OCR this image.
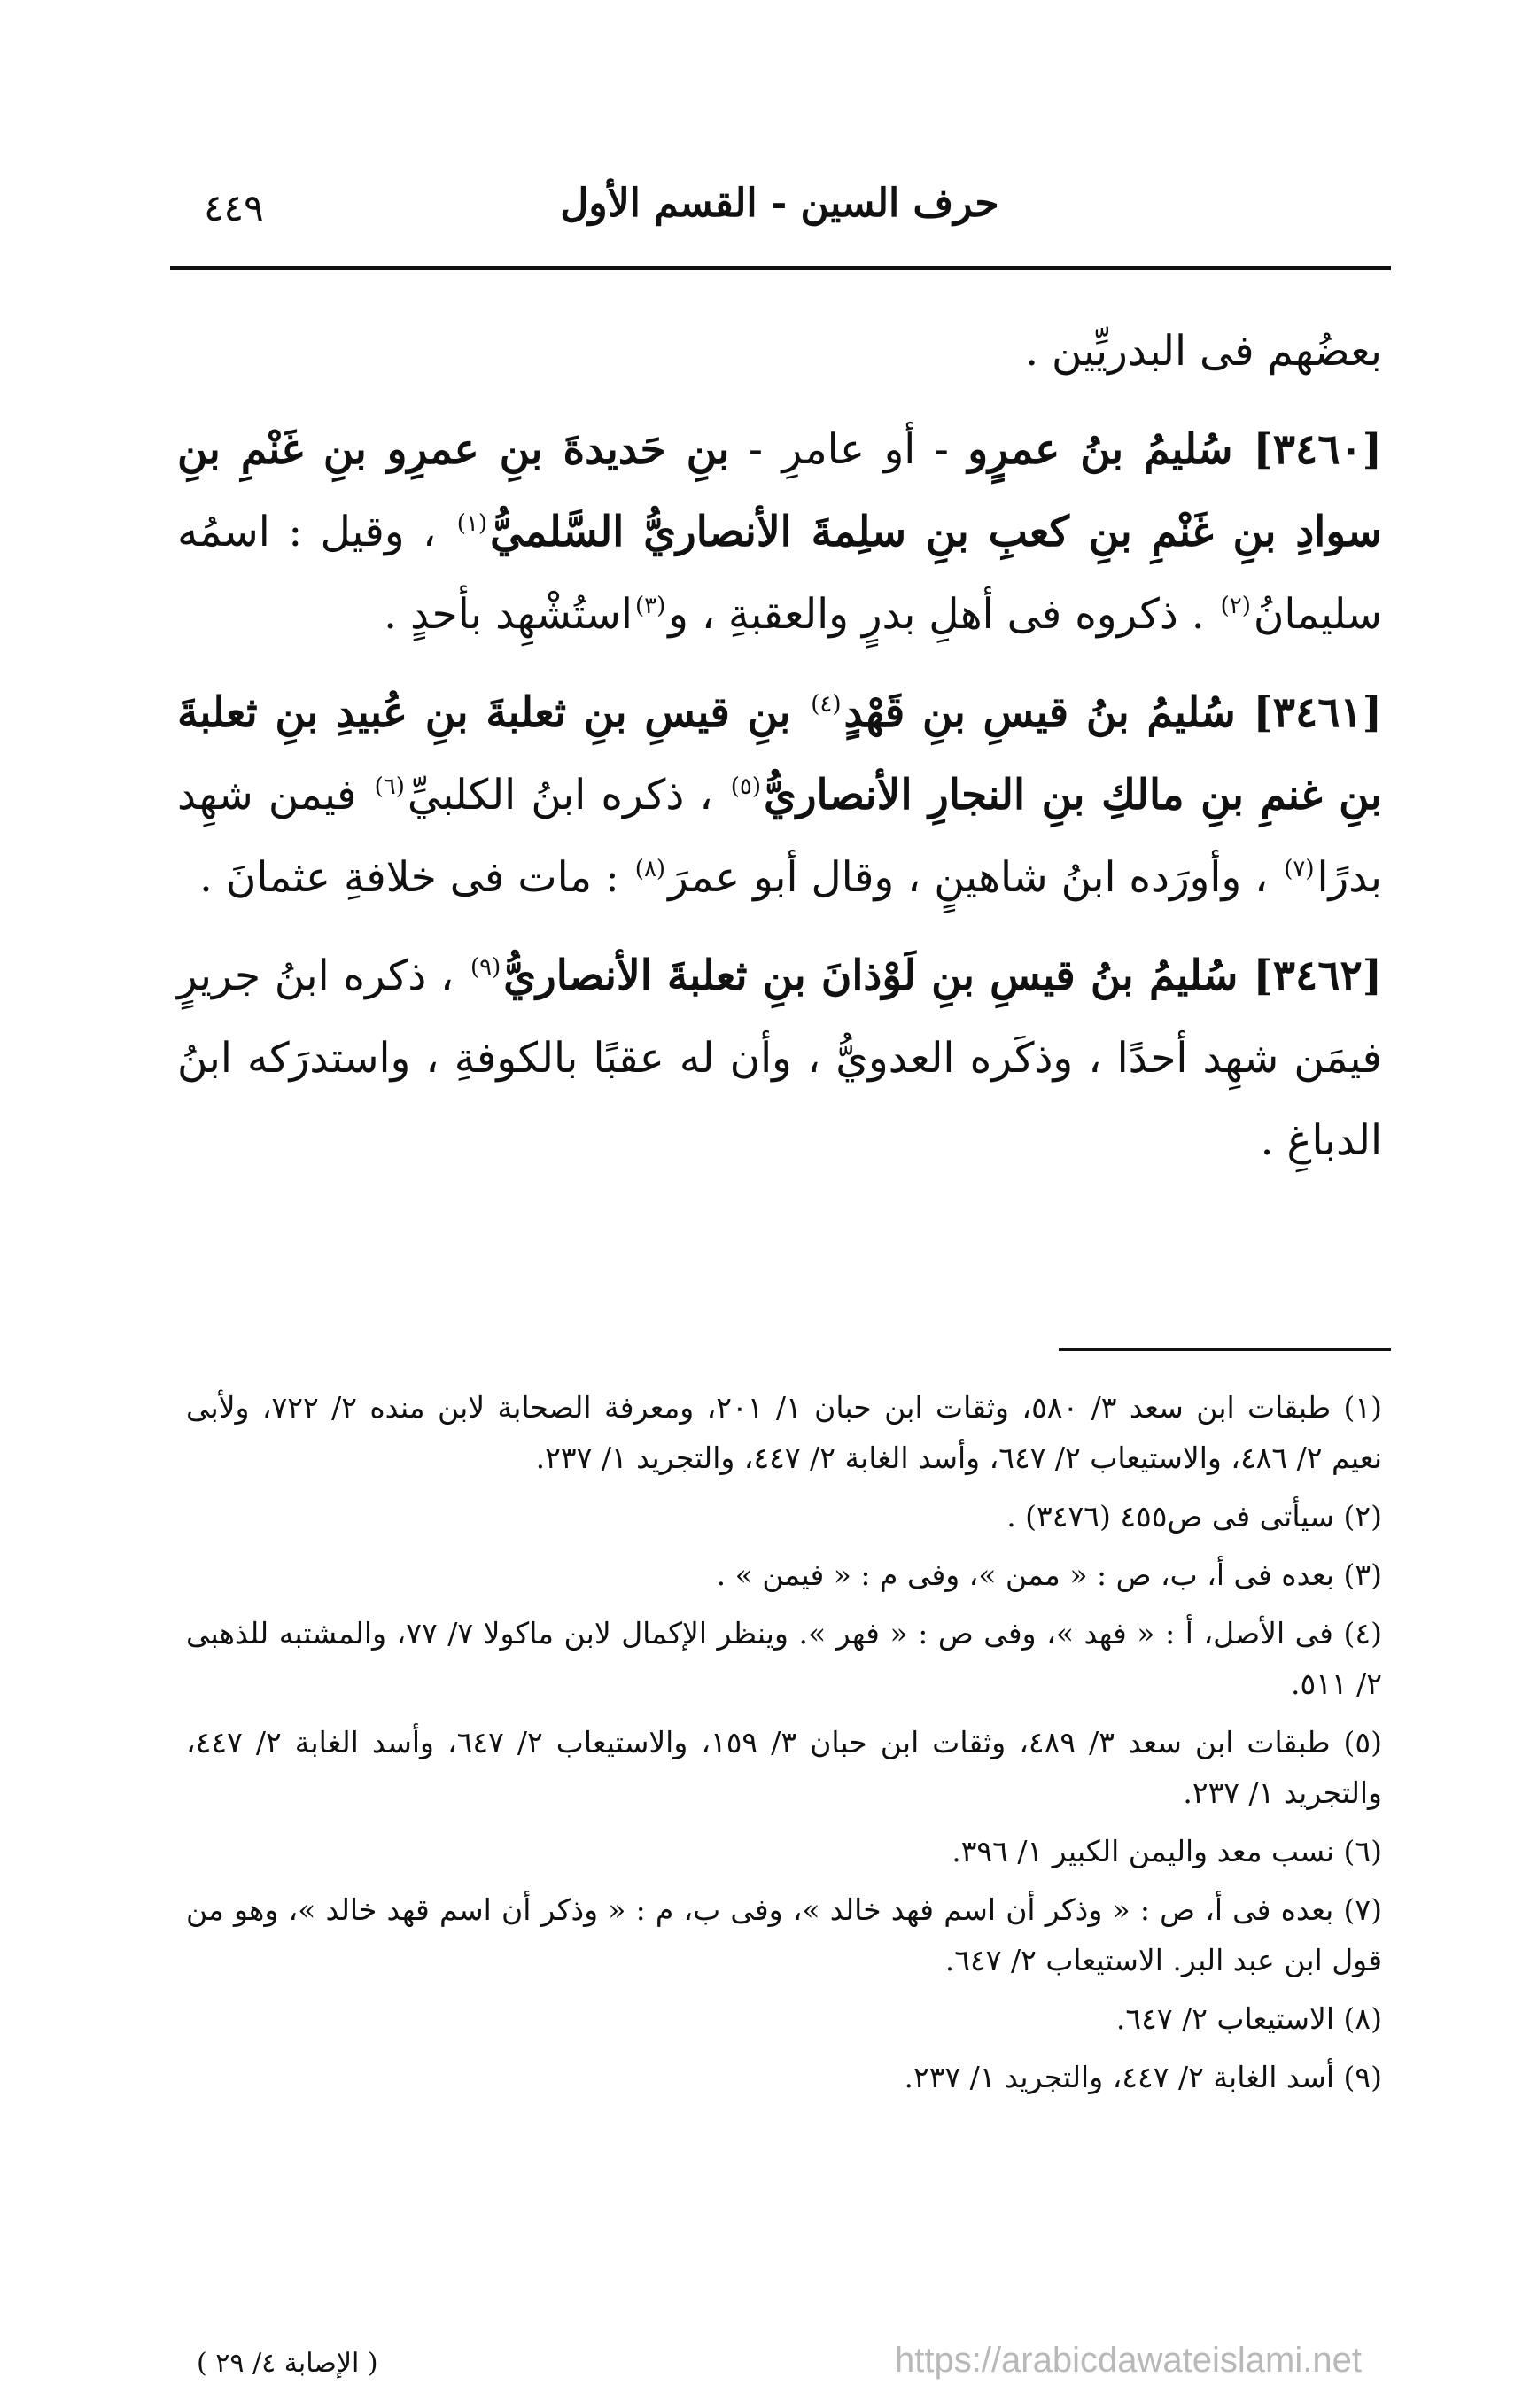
٤٤٩	حرف السين - القسم الأول

بعضُهم فى البدريِّين .

[٣٤٦٠] سُليمُ بنُ عمرٍو - أو عامرِ - بنِ حَديدةَ بنِ عمرِو بنِ غَنْمِ بنِ سوادِ بنِ غَنْمِ بنِ كعبِ بنِ سلِمةَ الأنصاريُّ السَّلميُّ$^{(١)}$ ، وقيل : اسمُه سليمانُ$^{(٢)}$ . ذكروه فى أهلِ بدرٍ والعقبةِ ، و$^{(٣)}$استُشْهِد بأحدٍ .

[٣٤٦١] سُليمُ بنُ قيسِ بنِ قَهْدٍ$^{(٤)}$ بنِ قيسِ بنِ ثعلبةَ بنِ عُبيدِ بنِ ثعلبةَ بنِ غنمِ بنِ مالكِ بنِ النجارِ الأنصاريُّ$^{(٥)}$ ، ذكره ابنُ الكلبيِّ$^{(٦)}$ فيمن شهِد بدرًا$^{(٧)}$ ، وأورَده ابنُ شاهينٍ ، وقال أبو عمرَ$^{(٨)}$ : مات فى خلافةِ عثمانَ .

[٣٤٦٢] سُليمُ بنُ قيسِ بنِ لَوْذانَ بنِ ثعلبةَ الأنصاريُّ$^{(٩)}$ ، ذكره ابنُ جريرٍ فيمَن شهِد أحدًا ، وذكَره العدويُّ ، وأن له عقبًا بالكوفةِ ، واستدرَكه ابنُ الدباغِ .

(١) طبقات ابن سعد ٣/ ٥٨٠، وثقات ابن حبان ١/ ٢٠١، ومعرفة الصحابة لابن منده ٢/ ٧٢٢، ولأبى نعيم ٢/ ٤٨٦، والاستيعاب ٢/ ٦٤٧، وأسد الغابة ٢/ ٤٤٧، والتجريد ١/ ٢٣٧.

(٢) سيأتى فى ص٤٥٥ (٣٤٧٦) .

(٣) بعده فى أ، ب، ص : « ممن »، وفى م : « فيمن » .

(٤) فى الأصل، أ : « فهد »، وفى ص : « فهر ». وينظر الإكمال لابن ماكولا ٧/ ٧٧، والمشتبه للذهبى ٢/ ٥١١.

(٥) طبقات ابن سعد ٣/ ٤٨٩، وثقات ابن حبان ٣/ ١٥٩، والاستيعاب ٢/ ٦٤٧، وأسد الغابة ٢/ ٤٤٧، والتجريد ١/ ٢٣٧.

(٦) نسب معد واليمن الكبير ١/ ٣٩٦.

(٧) بعده فى أ، ص : « وذكر أن اسم فهد خالد »، وفى ب، م : « وذكر أن اسم قهد خالد »، وهو من قول ابن عبد البر. الاستيعاب ٢/ ٦٤٧.

(٨) الاستيعاب ٢/ ٦٤٧.

(٩) أسد الغابة ٢/ ٤٤٧، والتجريد ١/ ٢٣٧.

( الإصابة ٤/ ٢٩ )	https://arabicdawateislami.net
